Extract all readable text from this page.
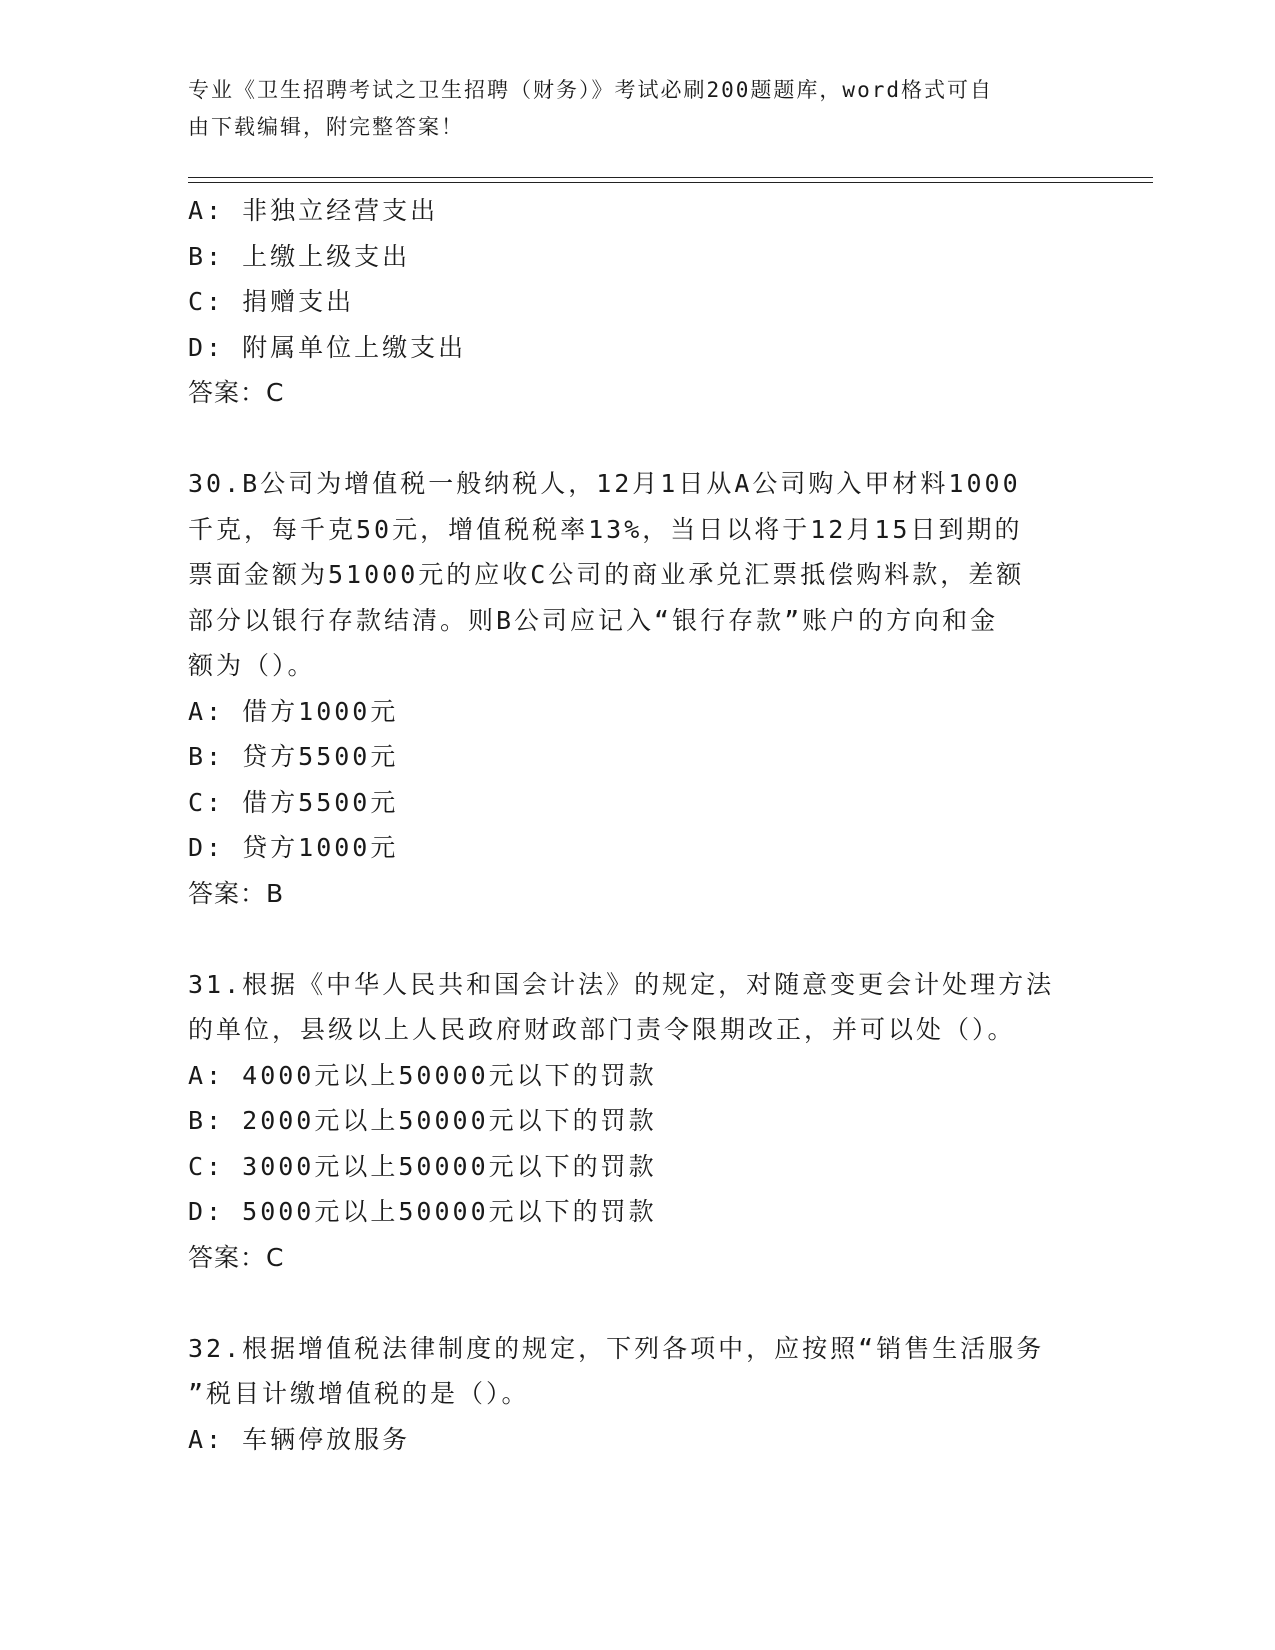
专业《卫生招聘考试之卫生招聘（财务）》考试必刷200题题库，word格式可自
由下载编辑，附完整答案！
A: 非独立经营支出
B: 上缴上级支出
C: 捐赠支出
D: 附属单位上缴支出
答案：C
30.B公司为增值税一般纳税人，12月1日从A公司购入甲材料1000
千克，每千克50元，增值税税率13%，当日以将于12月15日到期的
票面金额为51000元的应收C公司的商业承兑汇票抵偿购料款，差额
部分以银行存款结清。则B公司应记入“银行存款”账户的方向和金
额为（）。
A: 借方1000元
B: 贷方5500元
C: 借方5500元
D: 贷方1000元
答案：B
31.根据《中华人民共和国会计法》的规定，对随意变更会计处理方法
的单位，县级以上人民政府财政部门责令限期改正，并可以处（）。
A: 4000元以上50000元以下的罚款
B: 2000元以上50000元以下的罚款
C: 3000元以上50000元以下的罚款
D: 5000元以上50000元以下的罚款
答案：C
32.根据增值税法律制度的规定，下列各项中，应按照“销售生活服务
”税目计缴增值税的是（）。
A: 车辆停放服务
